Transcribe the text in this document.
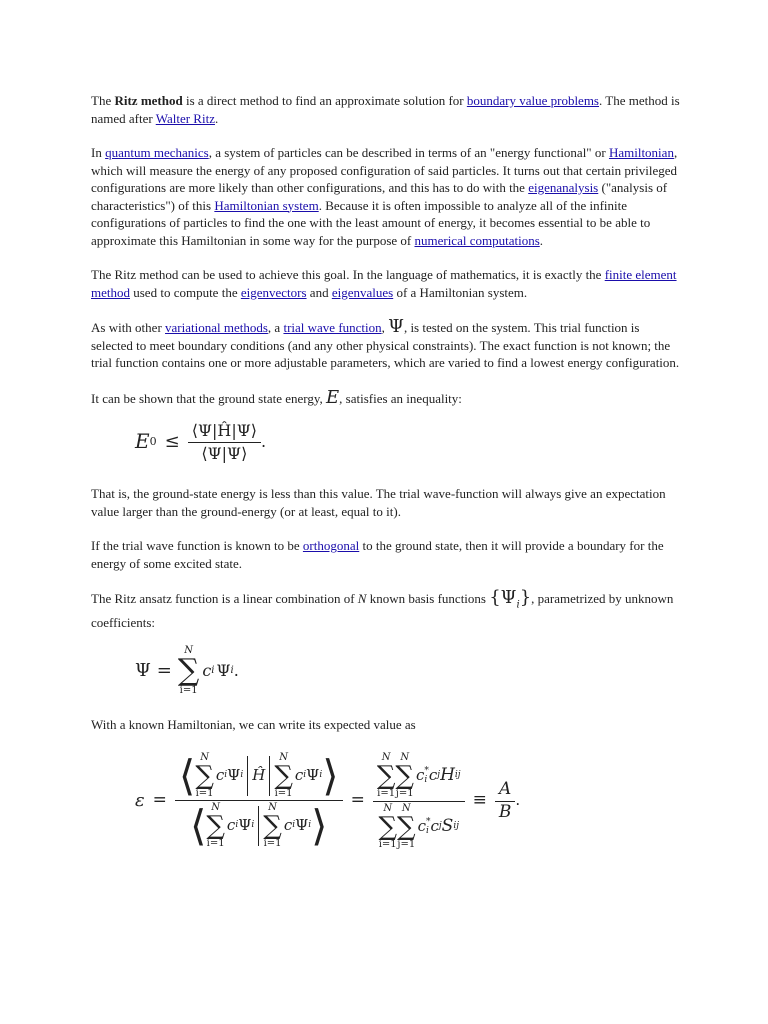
The Ritz method is a direct method to find an approximate solution for boundary value problems. The method is named after Walter Ritz.

In quantum mechanics, a system of particles can be described in terms of an "energy functional" or Hamiltonian, which will measure the energy of any proposed configuration of said particles. It turns out that certain privileged configurations are more likely than other configurations, and this has to do with the eigenanalysis ("analysis of characteristics") of this Hamiltonian system. Because it is often impossible to analyze all of the infinite configurations of particles to find the one with the least amount of energy, it becomes essential to be able to approximate this Hamiltonian in some way for the purpose of numerical computations.

The Ritz method can be used to achieve this goal. In the language of mathematics, it is exactly the finite element method used to compute the eigenvectors and eigenvalues of a Hamiltonian system.

As with other variational methods, a trial wave function, Ψ, is tested on the system. This trial function is selected to meet boundary conditions (and any other physical constraints). The exact function is not known; the trial function contains one or more adjustable parameters, which are varied to find a lowest energy configuration.

It can be shown that the ground state energy, E, satisfies an inequality:

E $0 \le \frac{⟨\Psi|Ĥ|\Psi⟩}{⟨\Psi|\Psi⟩}$ .

That is, the ground-state energy is less than this value. The trial wave-function will always give an expectation value larger than the ground-energy (or at least, equal to it).

If the trial wave function is known to be orthogonal to the ground state, then it will provide a boundary for the energy of some excited state.

The Ritz ansatz function is a linear combination of N known basis functions $\{\Psi_i\}$, parametrized by unknown coefficients:

Ψ =
N
∑
i=1
c i Ψ i .

With a known Hamiltonian, we can write its expected value as

ε = ⟨ N
∑
i=1
c i Ψ i Ĥ
N
∑
i=1
c i Ψ i ⟩
⟨ N
∑
i=1
c i Ψ i
N
∑
i=1
c i Ψ i ⟩
=
N
∑
i=1
N
∑
j=1
c *
i c j H ij
N
∑
i=1
N
∑
j=1
c *
i c j S ij
≡ $\frac{A}{B}$ .
